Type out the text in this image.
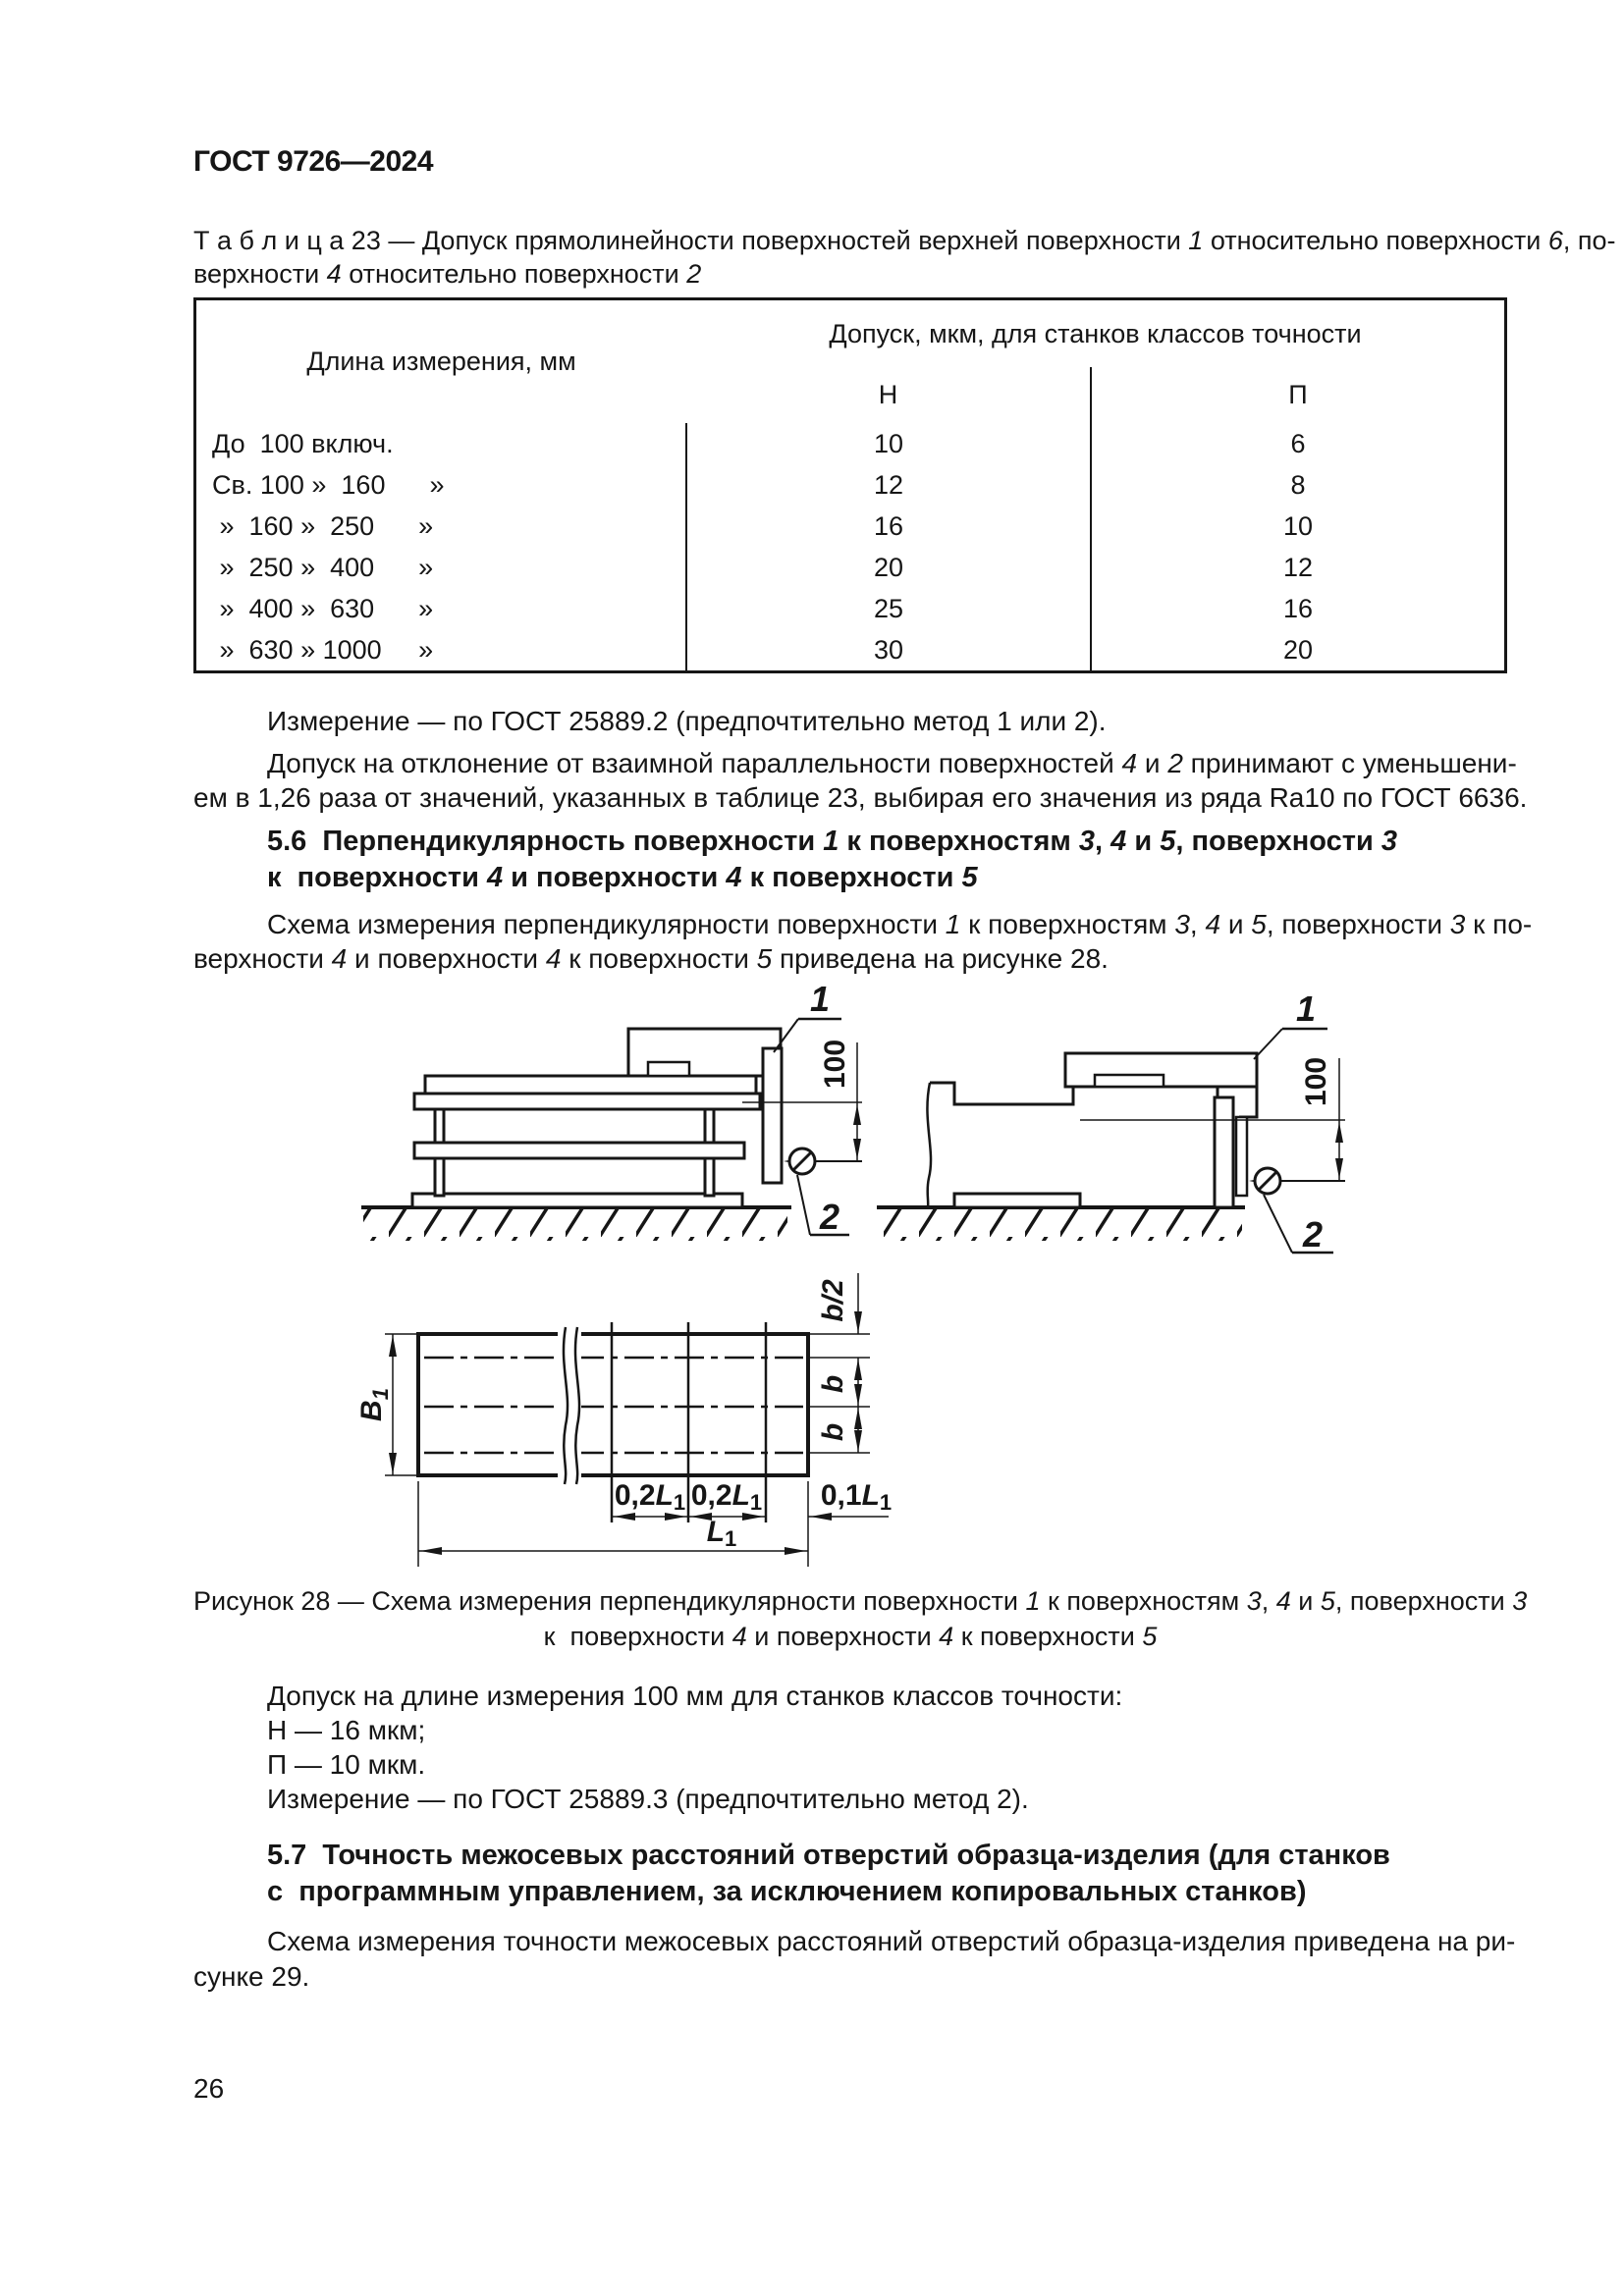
ГОСТ 9726—2024
Т а б л и ц а 23 — Допуск прямолинейности поверхностей верхней поверхности 1 относительно поверхности 6, по-
верхности 4 относительно поверхности 2
Длина измерения, мм	Допуск, мкм, для станков классов точности	
	Н	П
До  100 включ.	10	6
Св. 100 »  160      »	12	8
»  160 »  250      »	16	10
»  250 »  400      »	20	12
»  400 »  630      »	25	16
»  630 » 1000     »	30	20
Измерение — по ГОСТ 25889.2 (предпочтительно метод 1 или 2).
Допуск на отклонение от взаимной параллельности поверхностей 4 и 2 принимают с уменьшени-
ем в 1,26 раза от значений, указанных в таблице 23, выбирая его значения из ряда Ra10 по ГОСТ 6636.
5.6  Перпендикулярность поверхности 1 к поверхностям 3, 4 и 5, поверхности 3
к  поверхности 4 и поверхности 4 к поверхности 5
Схема измерения перпендикулярности поверхности 1 к поверхностям 3, 4 и 5, поверхности 3 к по-
верхности 4 и поверхности 4 к поверхности 5 приведена на рисунке 28.
1
2
100
1
2
100
$B_1$
b/2
b
b
0,2L1 0,2L1 0,1L1
L1
Рисунок 28 — Схема измерения перпендикулярности поверхности 1 к поверхностям 3, 4 и 5, поверхности 3
к  поверхности 4 и поверхности 4 к поверхности 5
Допуск на длине измерения 100 мм для станков классов точности:
Н — 16 мкм;
П — 10 мкм.
Измерение — по ГОСТ 25889.3 (предпочтительно метод 2).
5.7  Точность межосевых расстояний отверстий образца-изделия (для станков
с  программным управлением, за исключением копировальных станков)
Схема измерения точности межосевых расстояний отверстий образца-изделия приведена на ри-
сунке 29.
26
